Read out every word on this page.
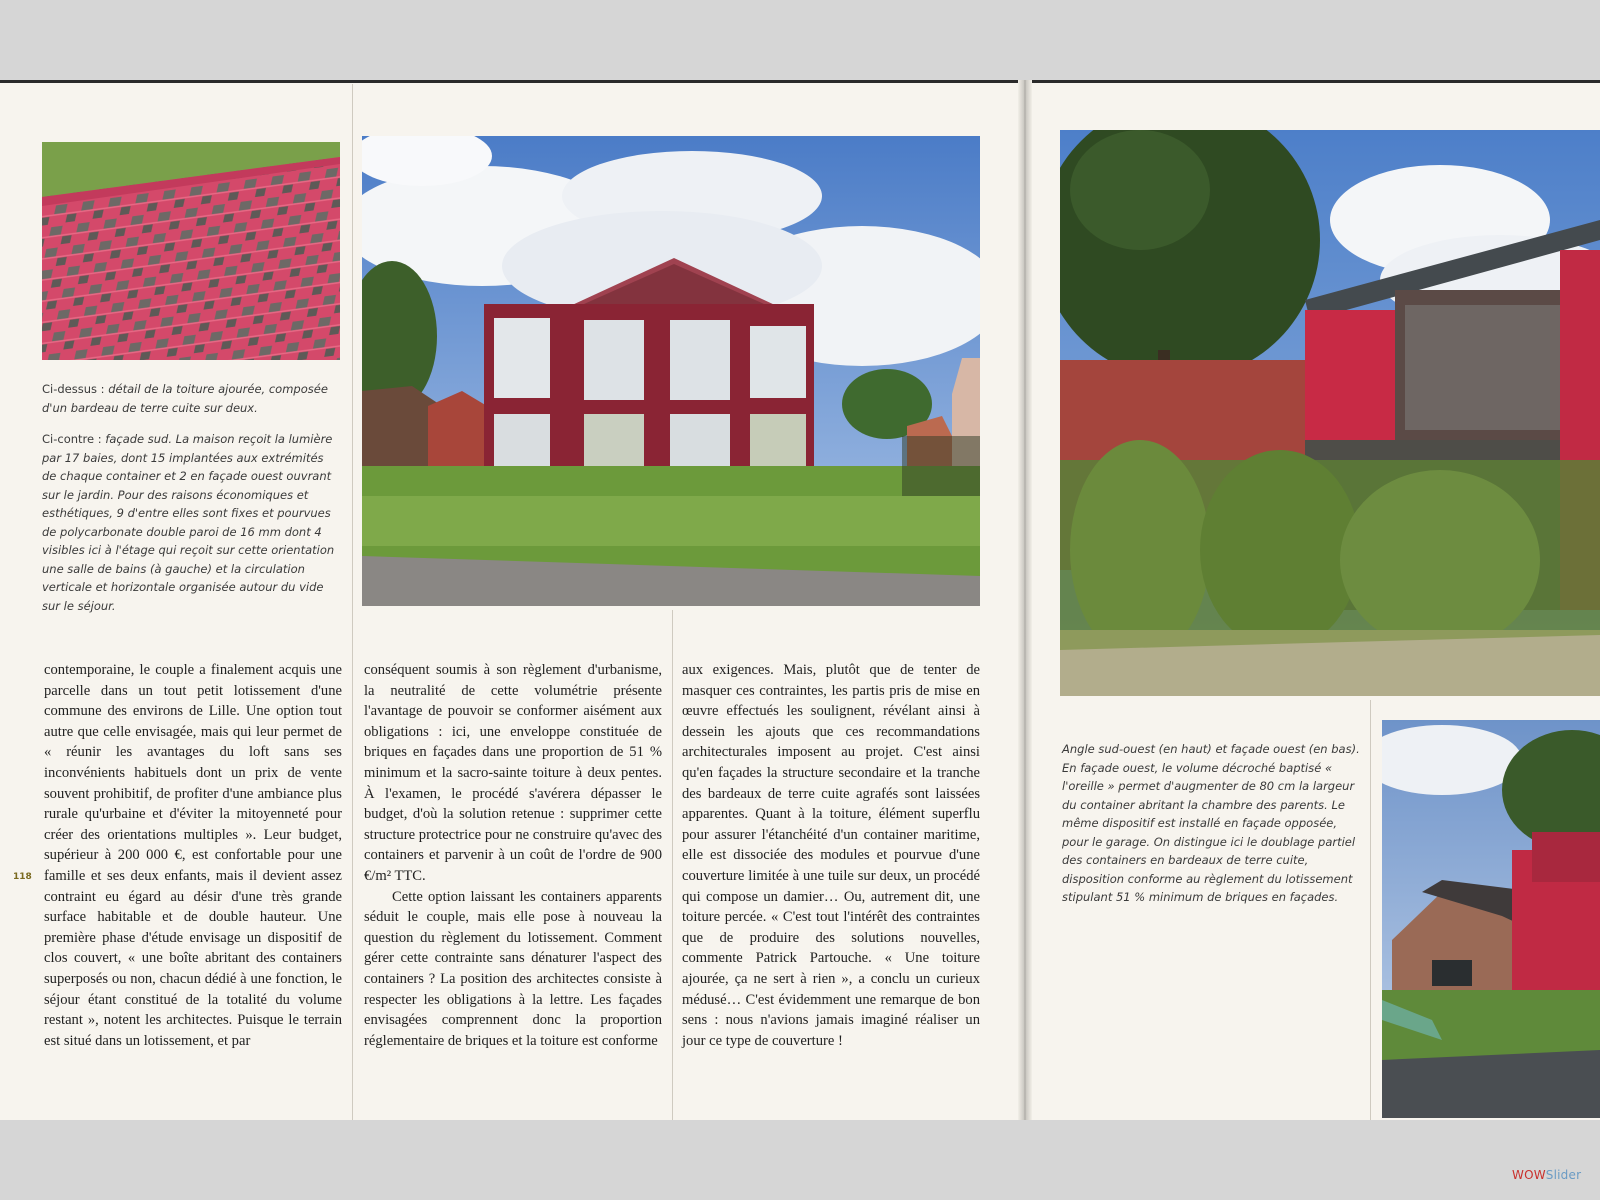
Ci-dessus : détail de la toiture ajourée, composée d'un bardeau de terre cuite sur deux.

Ci-contre : façade sud. La maison reçoit la lumière par 17 baies, dont 15 implantées aux extrémités de chaque container et 2 en façade ouest ouvrant sur le jardin. Pour des raisons économiques et esthétiques, 9 d'entre elles sont fixes et pourvues de polycarbonate double paroi de 16 mm dont 4 visibles ici à l'étage qui reçoit sur cette orientation une salle de bains (à gauche) et la circulation verticale et horizontale organisée autour du vide sur le séjour.

contemporaine, le couple a finalement acquis une parcelle dans un tout petit lotissement d'une commune des environs de Lille. Une option tout autre que celle envisagée, mais qui leur permet de « réunir les avantages du loft sans ses inconvénients habituels dont un prix de vente souvent prohibitif, de profiter d'une ambiance plus rurale qu'urbaine et d'éviter la mitoyenneté pour créer des orientations multiples ». Leur budget, supérieur à 200 000 €, est confortable pour une famille et ses deux enfants, mais il devient assez contraint eu égard au désir d'une très grande surface habitable et de double hauteur. Une première phase d'étude envisage un dispositif de clos couvert, « une boîte abritant des containers superposés ou non, chacun dédié à une fonction, le séjour étant constitué de la totalité du volume restant », notent les architectes. Puisque le terrain est situé dans un lotissement, et par

conséquent soumis à son règlement d'urbanisme, la neutralité de cette volumétrie présente l'avantage de pouvoir se conformer aisément aux obligations : ici, une enveloppe constituée de briques en façades dans une proportion de 51 % minimum et la sacro-sainte toiture à deux pentes. À l'examen, le procédé s'avérera dépasser le budget, d'où la solution retenue : supprimer cette structure protectrice pour ne construire qu'avec des containers et parvenir à un coût de l'ordre de 900 €/m² TTC.

Cette option laissant les containers apparents séduit le couple, mais elle pose à nouveau la question du règlement du lotissement. Comment gérer cette contrainte sans dénaturer l'aspect des containers ? La position des architectes consiste à respecter les obligations à la lettre. Les façades envisagées comprennent donc la proportion réglementaire de briques et la toiture est conforme

aux exigences. Mais, plutôt que de tenter de masquer ces contraintes, les partis pris de mise en œuvre effectués les soulignent, révélant ainsi à dessein les ajouts que ces recommandations architecturales imposent au projet. C'est ainsi qu'en façades la structure secondaire et la tranche des bardeaux de terre cuite agrafés sont laissées apparentes. Quant à la toiture, élément superflu pour assurer l'étanchéité d'un container maritime, elle est dissociée des modules et pourvue d'une couverture limitée à une tuile sur deux, un procédé qui compose un damier… Ou, autrement dit, une toiture percée. « C'est tout l'intérêt des contraintes que de produire des solutions nouvelles, commente Patrick Partouche. « Une toiture ajourée, ça ne sert à rien », a conclu un curieux médusé… C'est évidemment une remarque de bon sens : nous n'avions jamais imaginé réaliser un jour ce type de couverture !

118

Angle sud-ouest (en haut) et façade ouest (en bas). En façade ouest, le volume décroché baptisé « l'oreille » permet d'augmenter de 80 cm la largeur du container abritant la chambre des parents. Le même dispositif est installé en façade opposée, pour le garage. On distingue ici le doublage partiel des containers en bardeaux de terre cuite, disposition conforme au règlement du lotissement stipulant 51 % minimum de briques en façades.

WOWSlider
